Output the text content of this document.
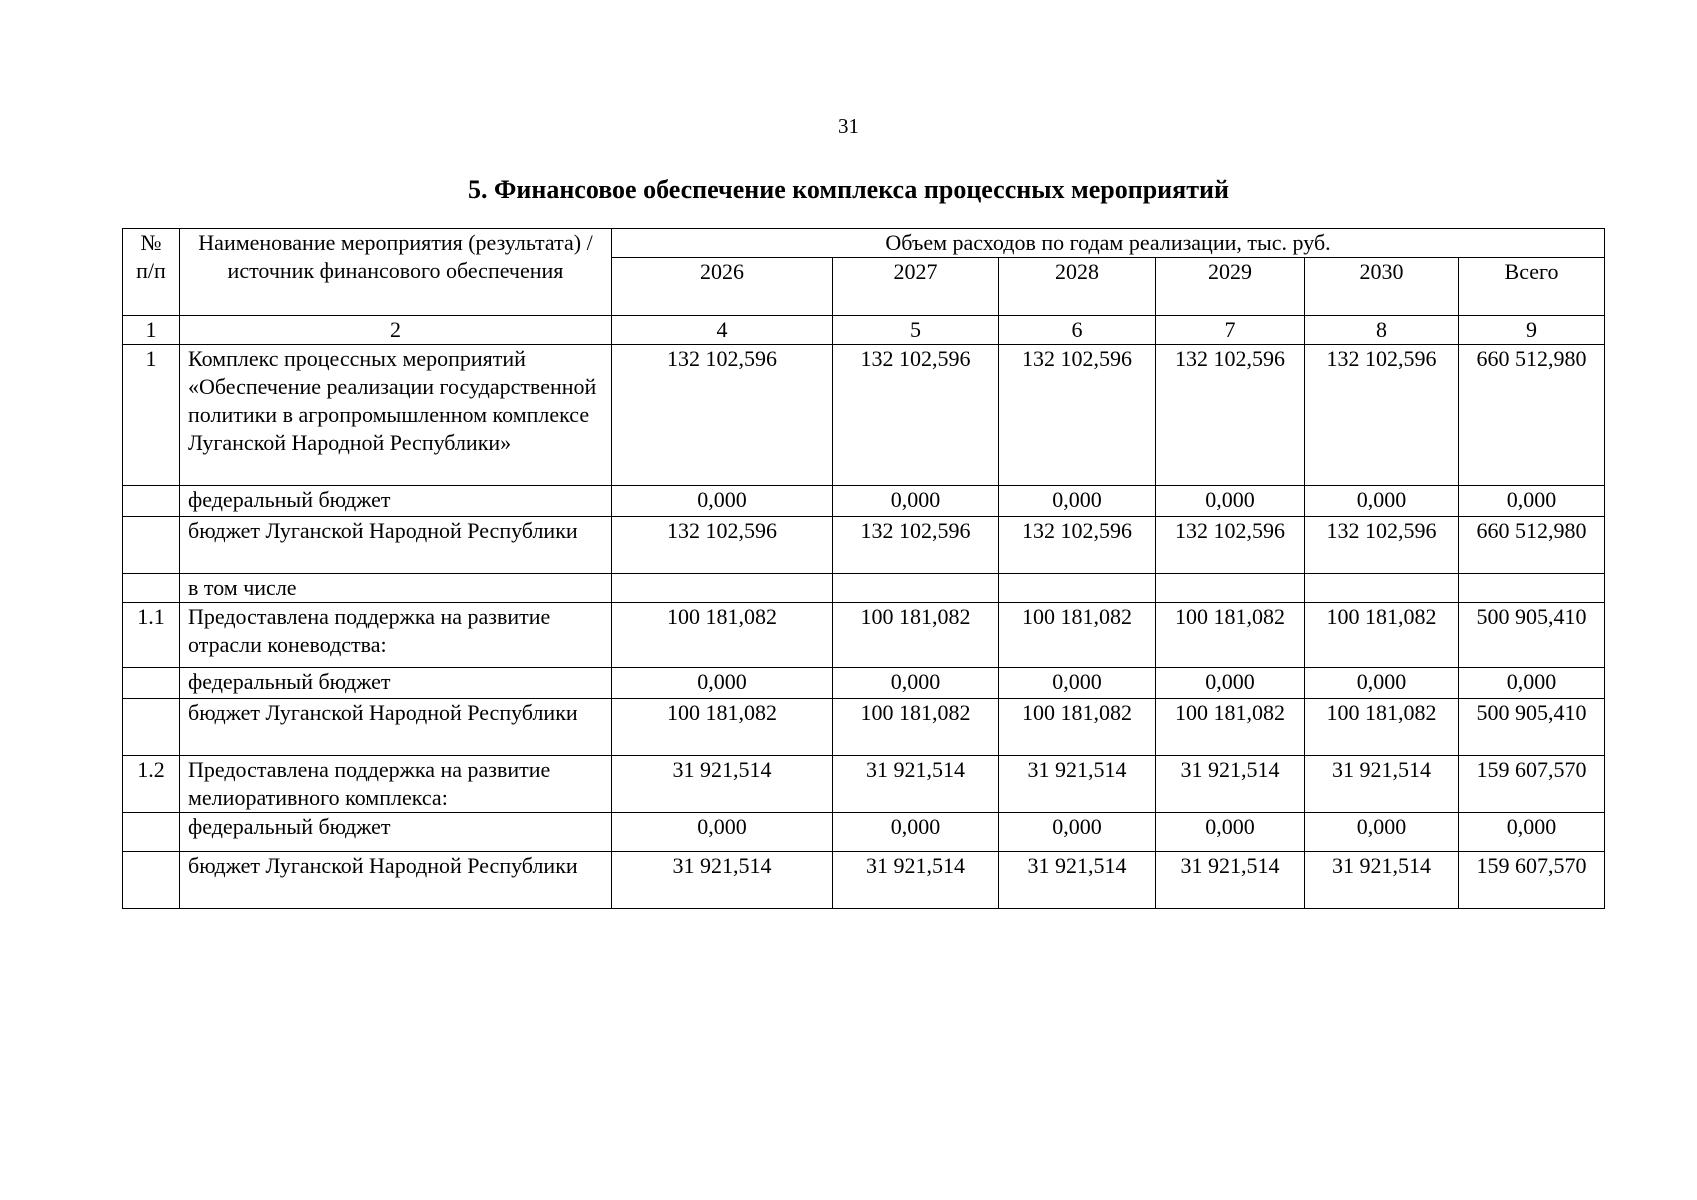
31
5. Финансовое обеспечение комплекса процессных мероприятий
№ п/п	Наименование мероприятия (результата) / источник финансового обеспечения	Объем расходов по годам реализации, тыс. руб.					
		2026	2027	2028	2029	2030	Всего
1	2	4	5	6	7	8	9
1	Комплекс процессных мероприятий «Обеспечение реализации государственной политики в агропромышленном комплексе Луганской Народной Республики»	132 102,596	132 102,596	132 102,596	132 102,596	132 102,596	660 512,980
	федеральный бюджет	0,000	0,000	0,000	0,000	0,000	0,000
	бюджет Луганской Народной Республики	132 102,596	132 102,596	132 102,596	132 102,596	132 102,596	660 512,980
	в том числе						
1.1	Предоставлена поддержка на развитие отрасли коневодства:	100 181,082	100 181,082	100 181,082	100 181,082	100 181,082	500 905,410
	федеральный бюджет	0,000	0,000	0,000	0,000	0,000	0,000
	бюджет Луганской Народной Республики	100 181,082	100 181,082	100 181,082	100 181,082	100 181,082	500 905,410
1.2	Предоставлена поддержка на развитие мелиоративного комплекса:	31 921,514	31 921,514	31 921,514	31 921,514	31 921,514	159 607,570
	федеральный бюджет	0,000	0,000	0,000	0,000	0,000	0,000
	бюджет Луганской Народной Республики	31 921,514	31 921,514	31 921,514	31 921,514	31 921,514	159 607,570
